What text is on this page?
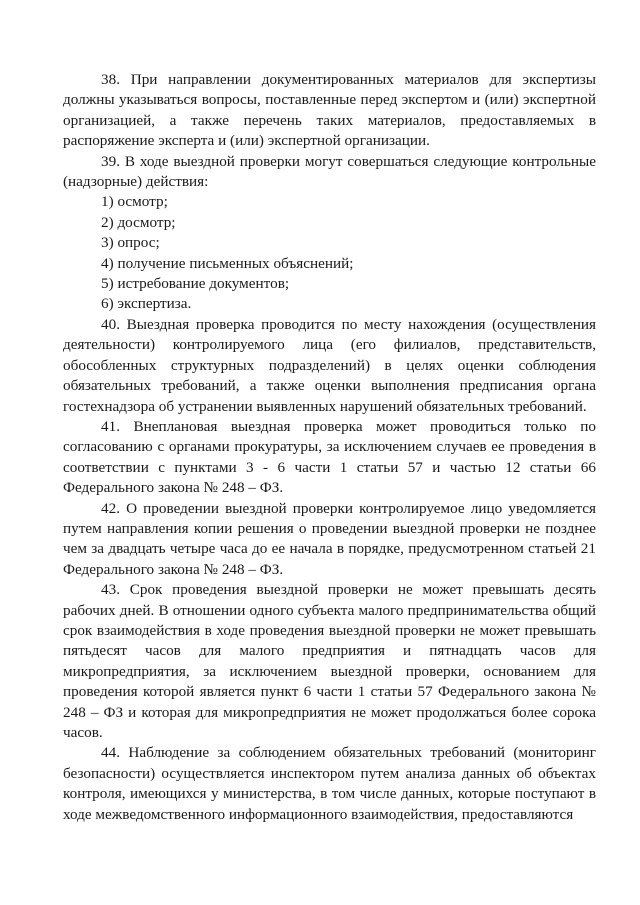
38. При направлении документированных материалов для экспертизы должны указываться вопросы, поставленные перед экспертом и (или) экспертной организацией, а также перечень таких материалов, предоставляемых в распоряжение эксперта и (или) экспертной организации.

39. В ходе выездной проверки могут совершаться следующие контрольные (надзорные) действия:

1) осмотр;

2) досмотр;

3) опрос;

4) получение письменных объяснений;

5) истребование документов;

6) экспертиза.

40. Выездная проверка проводится по месту нахождения (осуществления деятельности) контролируемого лица (его филиалов, представительств, обособленных структурных подразделений) в целях оценки соблюдения обязательных требований, а также оценки выполнения предписания органа гостехнадзора об устранении выявленных нарушений обязательных требований.

41. Внеплановая выездная проверка может проводиться только по согласованию с органами прокуратуры, за исключением случаев ее проведения в соответствии с пунктами 3 - 6 части 1 статьи 57 и частью 12 статьи 66 Федерального закона № 248 – ФЗ.

42. О проведении выездной проверки контролируемое лицо уведомляется путем направления копии решения о проведении выездной проверки не позднее чем за двадцать четыре часа до ее начала в порядке, предусмотренном статьей 21 Федерального закона № 248 – ФЗ.

43. Срок проведения выездной проверки не может превышать десять рабочих дней. В отношении одного субъекта малого предпринимательства общий срок взаимодействия в ходе проведения выездной проверки не может превышать пятьдесят часов для малого предприятия и пятнадцать часов для микропредприятия, за исключением выездной проверки, основанием для проведения которой является пункт 6 части 1 статьи 57 Федерального закона № 248 – ФЗ и которая для микропредприятия не может продолжаться более сорока часов.

44. Наблюдение за соблюдением обязательных требований (мониторинг безопасности) осуществляется инспектором путем анализа данных об объектах контроля, имеющихся у министерства, в том числе данных, которые поступают в ходе межведомственного информационного взаимодействия, предоставляются
